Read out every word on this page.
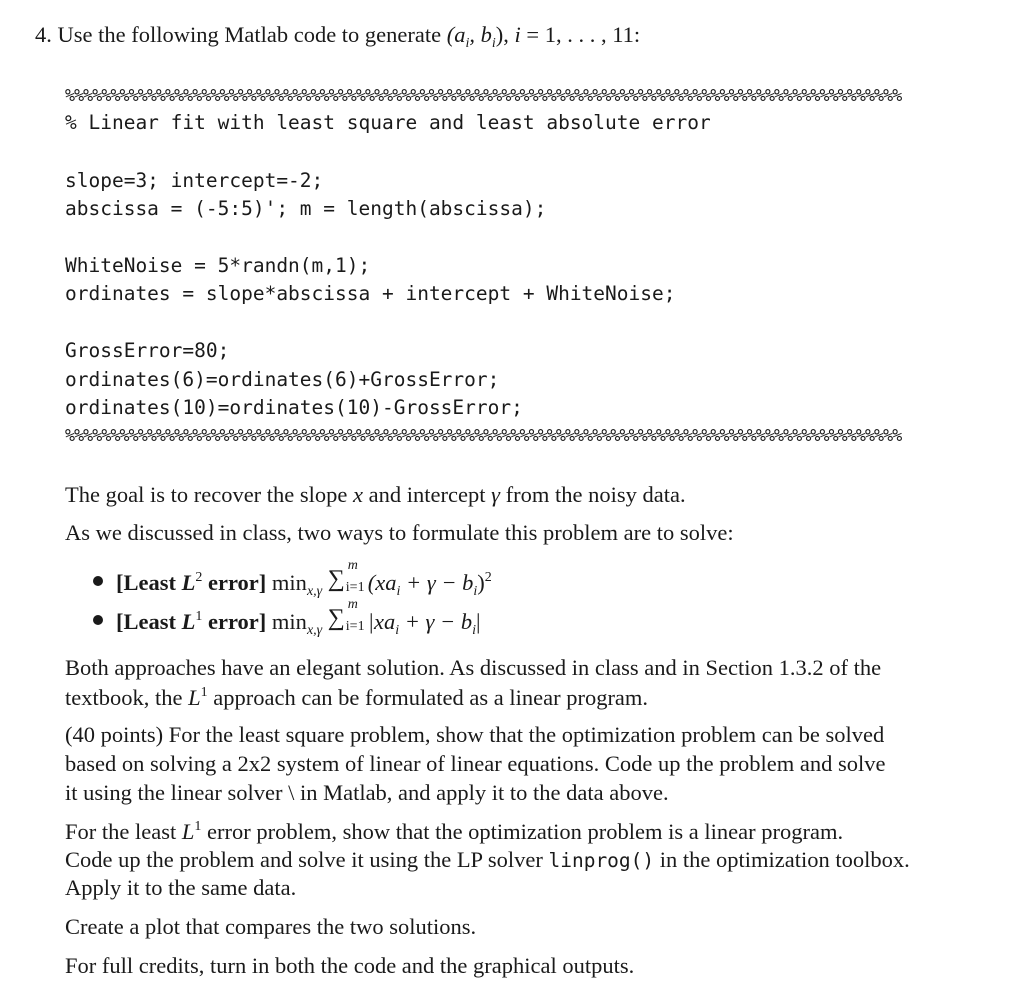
4. Use the following Matlab code to generate ($a_i$, $b_i$), i = 1, . . . , 11:
%%%%%%%%%%%%%%%%%%%%%%%%%%%%%%%%%%%%%%%%%%%%%%%%%%%%%%%%%%%%%%%%%%%%%%%%%%%%%%%%%%%%%%%%%%%%
% Linear fit with least square and least absolute error
slope=3; intercept=-2;
abscissa = (-5:5)'; m = length(abscissa);
WhiteNoise = 5*randn(m,1);
ordinates = slope*abscissa + intercept + WhiteNoise;
GrossError=80;
ordinates(6)=ordinates(6)+GrossError;
ordinates(10)=ordinates(10)-GrossError;
%%%%%%%%%%%%%%%%%%%%%%%%%%%%%%%%%%%%%%%%%%%%%%%%%%%%%%%%%%%%%%%%%%%%%%%%%%%%%%%%%%%%%%%%%%%%
The goal is to recover the slope x and intercept γ from the noisy data.
As we discussed in class, two ways to formulate this problem are to solve:
[Least $L^2$ error] $\min_{x,\gamma}$ ∑
m
i=1 $(xa_i + \gamma - b_i)^2$
[Least $L^1$ error] $\min_{x,\gamma}$ ∑
m
i=1 $|xa_i + \gamma - b_i|$
Both approaches have an elegant solution. As discussed in class and in Section 1.3.2 of the
textbook, the $L^1$ approach can be formulated as a linear program.
(40 points) For the least square problem, show that the optimization problem can be solved
based on solving a 2x2 system of linear of linear equations. Code up the problem and solve
it using the linear solver \ in Matlab, and apply it to the data above.
For the least $L^1$ error problem, show that the optimization problem is a linear program.
Code up the problem and solve it using the LP solver linprog() in the optimization toolbox.
Apply it to the same data.
Create a plot that compares the two solutions.
For full credits, turn in both the code and the graphical outputs.
